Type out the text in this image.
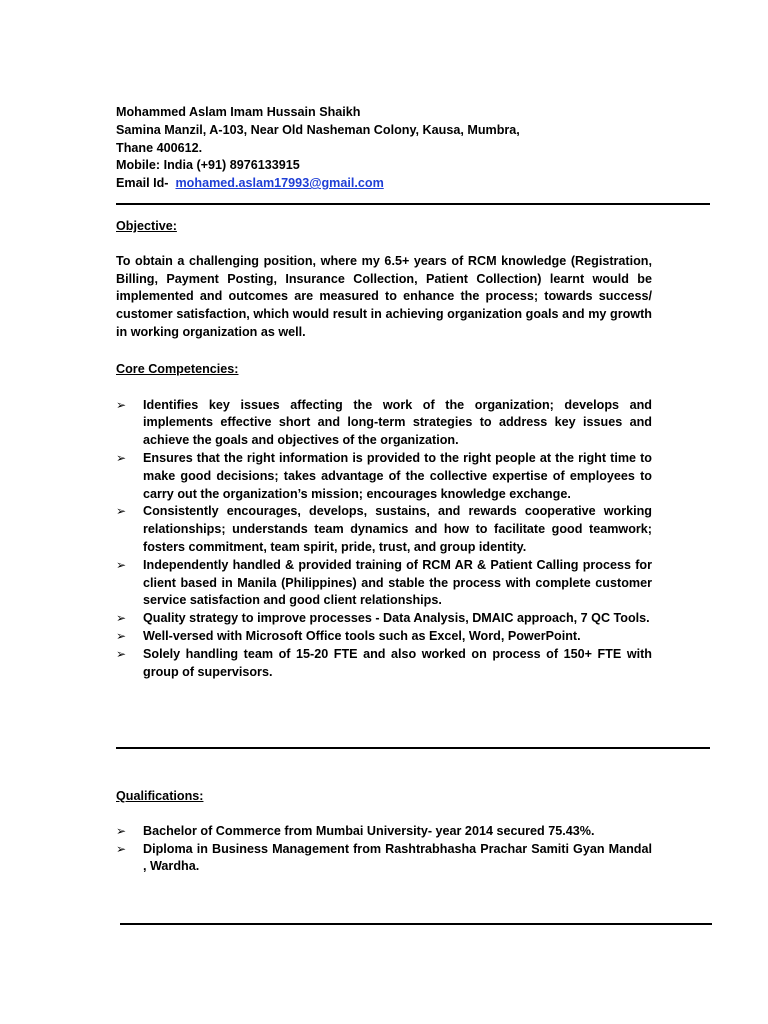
Mohammed Aslam Imam Hussain Shaikh
Samina Manzil, A-103, Near Old Nasheman Colony, Kausa, Mumbra,
Thane 400612.
Mobile: India (+91) 8976133915
Email Id- mohamed.aslam17993@gmail.com
Objective:
To obtain a challenging position, where my 6.5+ years of RCM knowledge (Registration, Billing, Payment Posting, Insurance Collection, Patient Collection) learnt would be implemented and outcomes are measured to enhance the process; towards success/ customer satisfaction, which would result in achieving organization goals and my growth in working organization as well.
Core Competencies:
➢ Identifies key issues affecting the work of the organization; develops and implements effective short and long-term strategies to address key issues and achieve the goals and objectives of the organization.
➢ Ensures that the right information is provided to the right people at the right time to make good decisions; takes advantage of the collective expertise of employees to carry out the organization’s mission; encourages knowledge exchange.
➢ Consistently encourages, develops, sustains, and rewards cooperative working relationships; understands team dynamics and how to facilitate good teamwork; fosters commitment, team spirit, pride, trust, and group identity.
➢ Independently handled & provided training of RCM AR & Patient Calling process for client based in Manila (Philippines) and stable the process with complete customer service satisfaction and good client relationships.
➢ Quality strategy to improve processes - Data Analysis, DMAIC approach, 7 QC Tools.
➢ Well-versed with Microsoft Office tools such as Excel, Word, PowerPoint.
➢ Solely handling team of 15-20 FTE and also worked on process of 150+ FTE with group of supervisors.
Qualifications:
➢ Bachelor of Commerce from Mumbai University- year 2014 secured 75.43%.
➢ Diploma in Business Management from Rashtrabhasha Prachar Samiti Gyan Mandal , Wardha.
